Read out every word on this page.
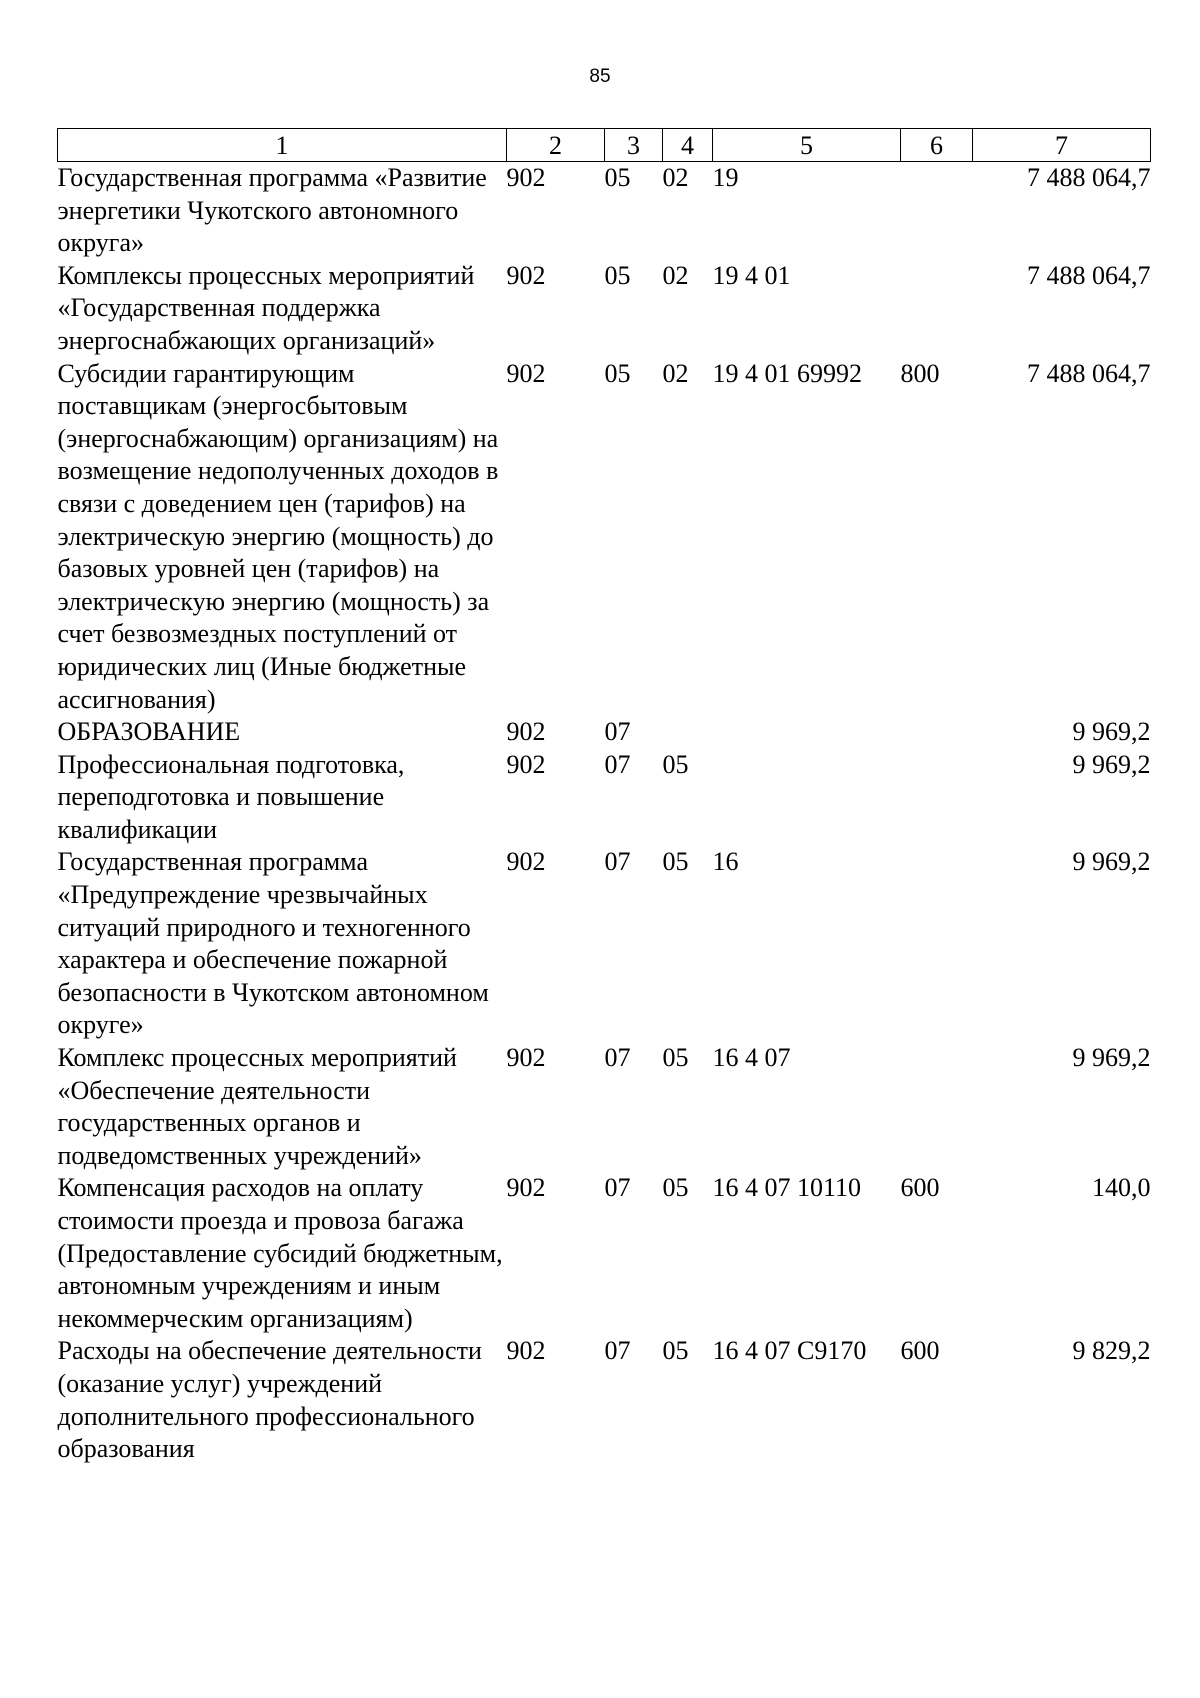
85
1	2	3	4	5	6	7
Государственная программа «Развитие энергетики Чукотского автономного округа»	902	05	02	19		7 488 064,7
Комплексы процессных мероприятий «Государственная поддержка энергоснабжающих организаций»	902	05	02	19 4 01		7 488 064,7
Субсидии гарантирующим поставщикам (энергосбытовым (энергоснабжающим) организациям) на возмещение недополученных доходов в связи с доведением цен (тарифов) на электрическую энергию (мощность) до базовых уровней цен (тарифов) на электрическую энергию (мощность) за счет безвозмездных поступлений от юридических лиц (Иные бюджетные ассигнования)	902	05	02	19 4 01 69992	800	7 488 064,7
ОБРАЗОВАНИЕ	902	07				9 969,2
Профессиональная подготовка, переподготовка и повышение квалификации	902	07	05			9 969,2
Государственная программа «Предупреждение чрезвычайных ситуаций природного и техногенного характера и обеспечение пожарной безопасности в Чукотском автономном округе»	902	07	05	16		9 969,2
Комплекс процессных мероприятий «Обеспечение деятельности государственных органов и подведомственных учреждений»	902	07	05	16 4 07		9 969,2
Компенсация расходов на оплату стоимости проезда и провоза багажа (Предоставление субсидий бюджетным, автономным учреждениям и иным некоммерческим организациям)	902	07	05	16 4 07 10110	600	140,0
Расходы на обеспечение деятельности (оказание услуг) учреждений дополнительного профессионального образования	902	07	05	16 4 07 С9170	600	9 829,2
